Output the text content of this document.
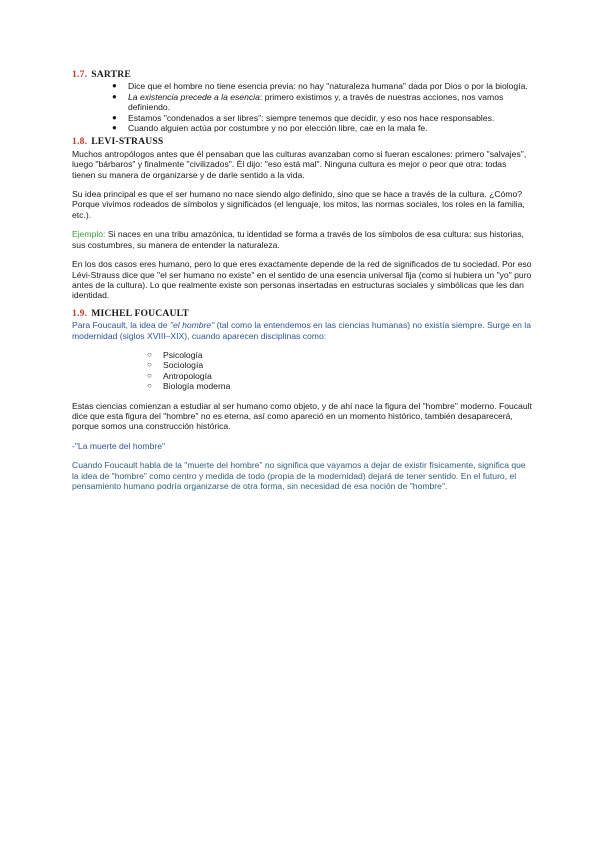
1.7. SARTRE
● Dice que el hombre no tiene esencia previa: no hay "naturaleza humana" dada por Dios o por la biología.
● La existencia precede a la esencia: primero existimos y, a través de nuestras acciones, nos vamos definiendo.
● Estamos "condenados a ser libres": siempre tenemos que decidir, y eso nos hace responsables.
● Cuando alguien actúa por costumbre y no por elección libre, cae en la mala fe.
1.8. LEVI-STRAUSS

Muchos antropólogos antes que él pensaban que las culturas avanzaban como si fueran escalones: primero "salvajes", luego "bárbaros" y finalmente "civilizados". Él dijo: "eso está mal". Ninguna cultura es mejor o peor que otra: todas tienen su manera de organizarse y de darle sentido a la vida.

Su idea principal es que el ser humano no nace siendo algo definido, sino que se hace a través de la cultura. ¿Cómo? Porque vivimos rodeados de símbolos y significados (el lenguaje, los mitos, las normas sociales, los roles en la familia, etc.).

Ejemplo: Si naces en una tribu amazónica, tu identidad se forma a través de los símbolos de esa cultura: sus historias, sus costumbres, su manera de entender la naturaleza.

En los dos casos eres humano, pero lo que eres exactamente depende de la red de significados de tu sociedad. Por eso Lévi-Strauss dice que "el ser humano no existe" en el sentido de una esencia universal fija (como si hubiera un "yo" puro antes de la cultura). Lo que realmente existe son personas insertadas en estructuras sociales y simbólicas que les dan identidad.

1.9. MICHEL FOUCAULT

Para Foucault, la idea de "el hombre" (tal como la entendemos en las ciencias humanas) no existía siempre. Surge en la modernidad (siglos XVIII–XIX), cuando aparecen disciplinas como:

○ Psicología
○ Sociología
○ Antropología
○ Biología moderna

Estas ciencias comienzan a estudiar al ser humano como objeto, y de ahí nace la figura del "hombre" moderno. Foucault dice que esta figura del "hombre" no es eterna, así como apareció en un momento histórico, también desaparecerá, porque somos una construcción histórica.

-"La muerte del hombre"

Cuando Foucault habla de la "muerte del hombre" no significa que vayamos a dejar de existir físicamente, significa que la idea de "hombre" como centro y medida de todo (propia de la modernidad) dejará de tener sentido. En el futuro, el pensamiento humano podría organizarse de otra forma, sin necesidad de esa noción de "hombre".
